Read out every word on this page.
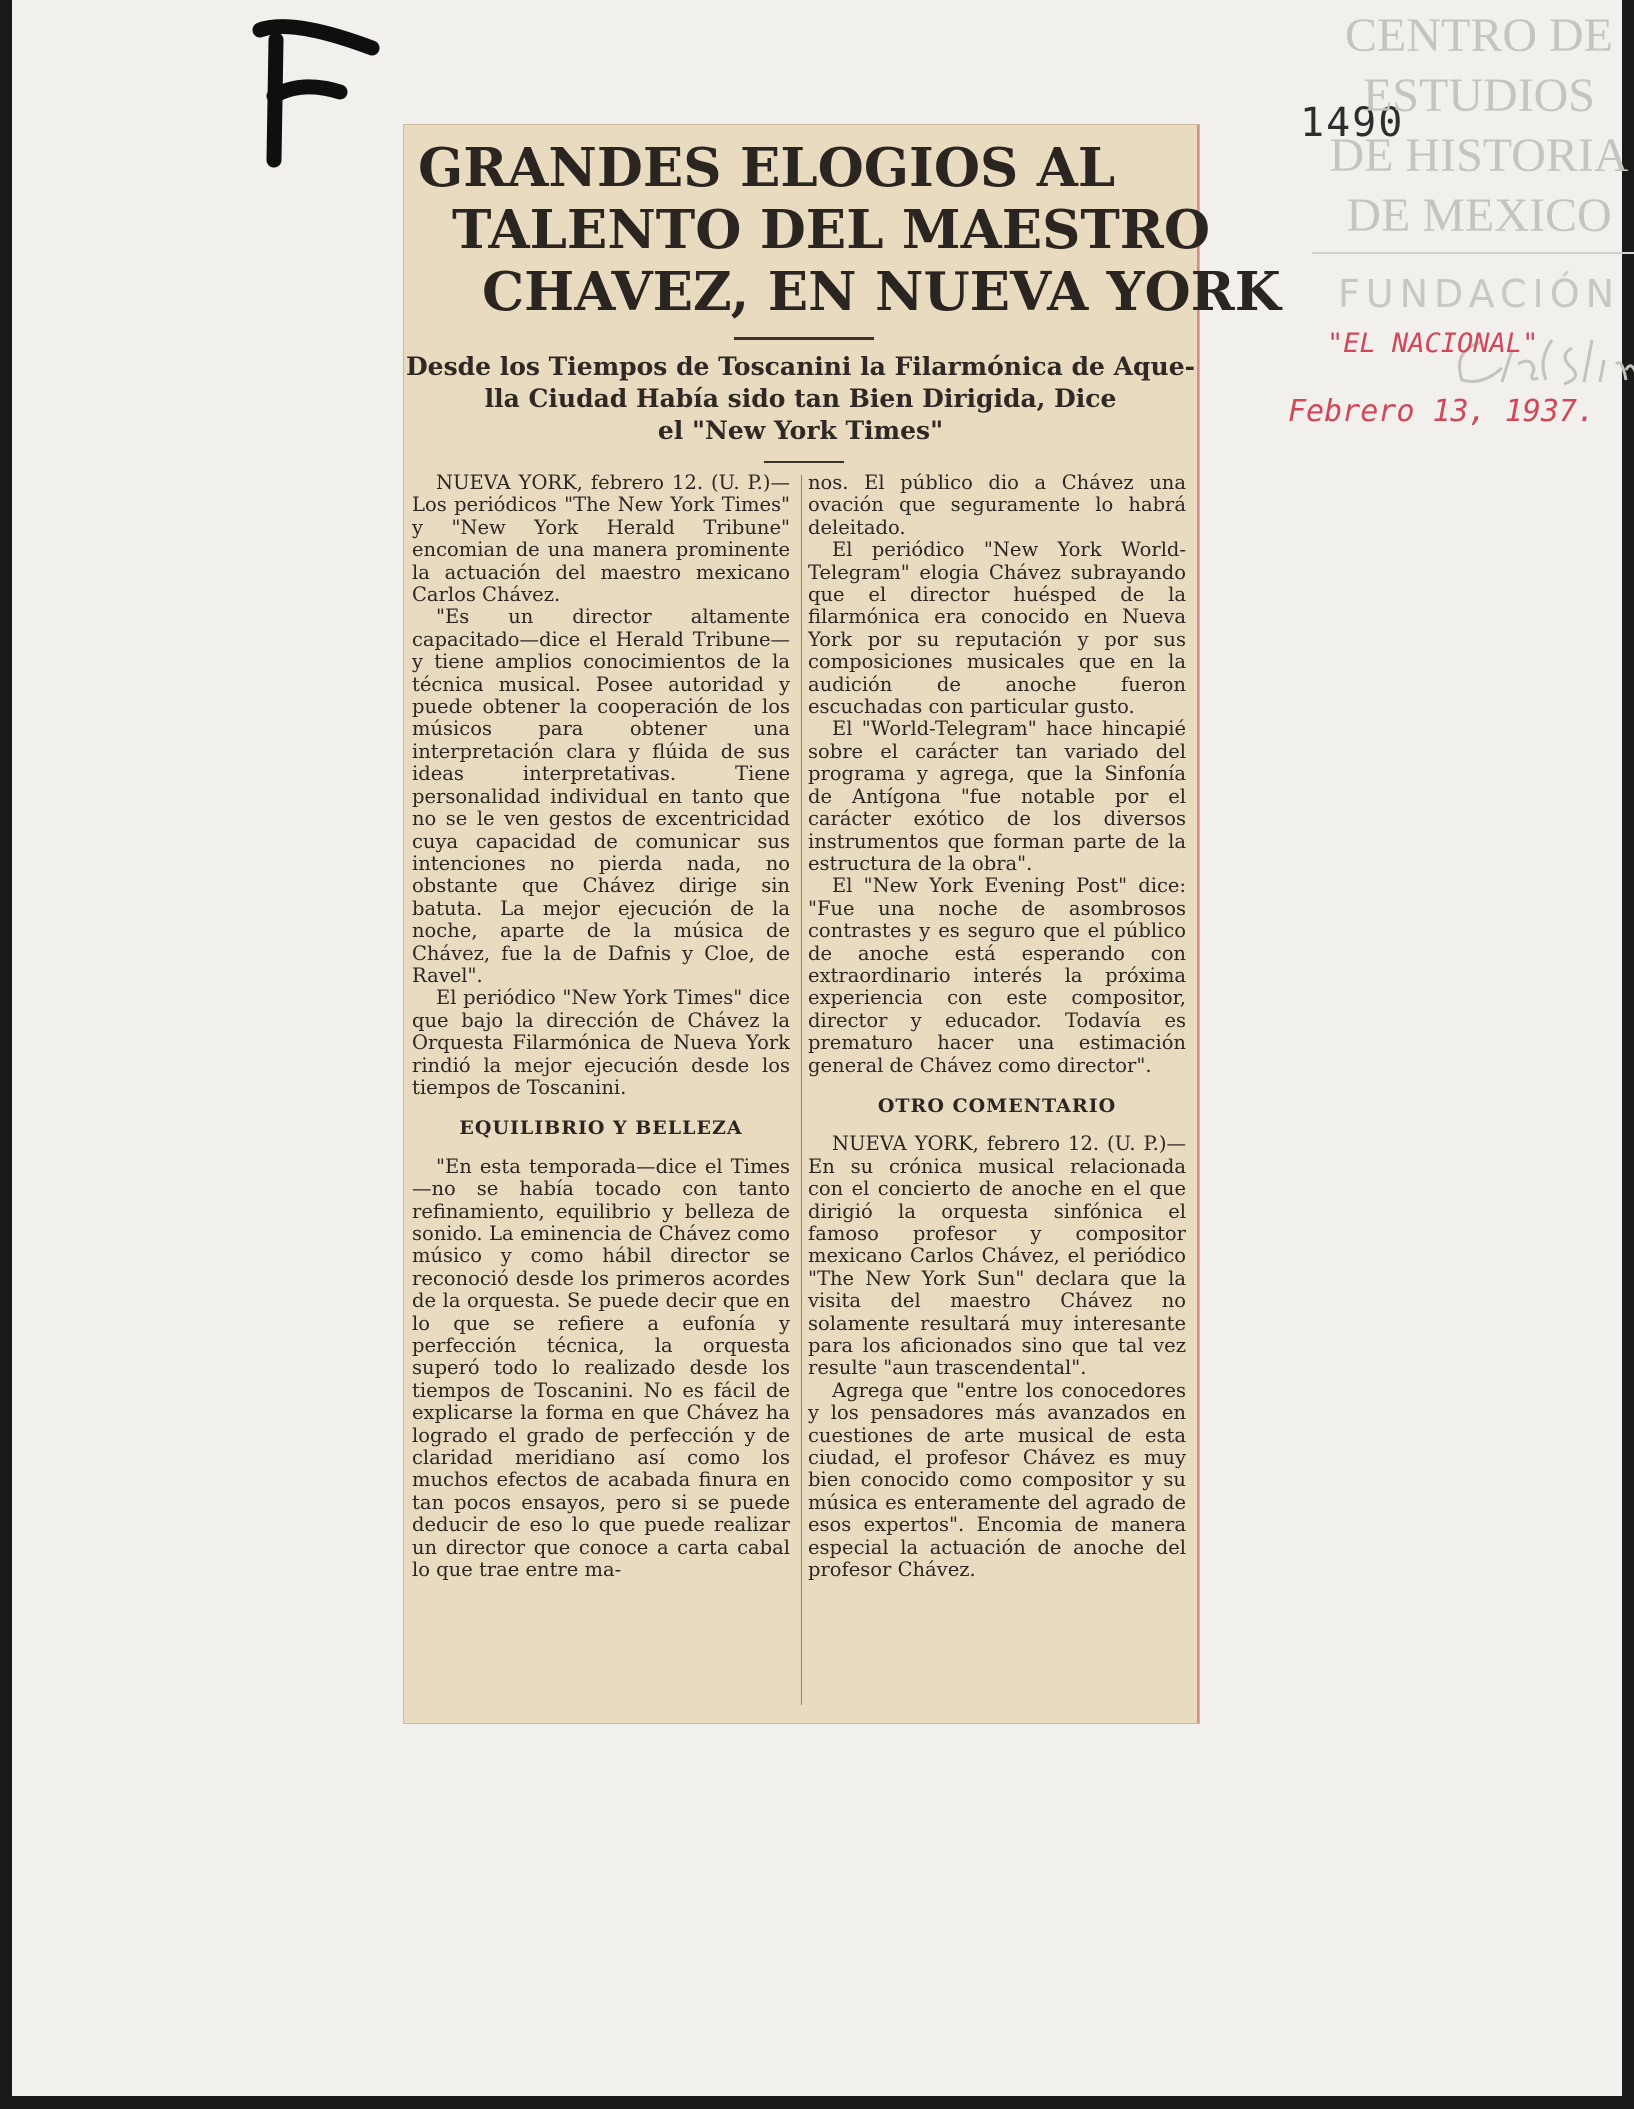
1490
CENTRO DE
ESTUDIOS
DE HISTORIA
DE MEXICO
FUNDACIÓN
"EL NACIONAL"
Febrero 13, 1937.
GRANDES ELOGIOS AL
TALENTO DEL MAESTRO
CHAVEZ, EN NUEVA YORK
Desde los Tiempos de Toscanini la Filarmónica de Aque-
lla Ciudad Había sido tan Bien Dirigida, Dice
el "New York Times"

NUEVA YORK, febrero 12. (U. P.)—Los periódicos "The New York Times" y "New York Herald Tribune" encomian de una manera prominente la actuación del maestro mexicano Carlos Chávez.

"Es un director altamente capacitado—dice el Herald Tribune—y tiene amplios conocimientos de la técnica musical. Posee autoridad y puede obtener la cooperación de los músicos para obtener una interpretación clara y flúida de sus ideas interpretativas. Tiene personalidad individual en tanto que no se le ven gestos de excentricidad cuya capacidad de comunicar sus intenciones no pierda nada, no obstante que Chávez dirige sin batuta. La mejor ejecución de la noche, aparte de la música de Chávez, fue la de Dafnis y Cloe, de Ravel".

El periódico "New York Times" dice que bajo la dirección de Chávez la Orquesta Filarmónica de Nueva York rindió la mejor ejecución desde los tiempos de Toscanini.

EQUILIBRIO Y BELLEZA

"En esta temporada—dice el Times—no se había tocado con tanto refinamiento, equilibrio y belleza de sonido. La eminencia de Chávez como músico y como hábil director se reconoció desde los primeros acordes de la orquesta. Se puede decir que en lo que se refiere a eufonía y perfección técnica, la orquesta superó todo lo realizado desde los tiempos de Toscanini. No es fácil de explicarse la forma en que Chávez ha logrado el grado de perfección y de claridad meridiano así como los muchos efectos de acabada finura en tan pocos ensayos, pero si se puede deducir de eso lo que puede realizar un director que conoce a carta cabal lo que trae entre ma-

nos. El público dio a Chávez una ovación que seguramente lo habrá deleitado.

El periódico "New York World-Telegram" elogia Chávez subrayando que el director huésped de la filarmónica era conocido en Nueva York por su reputación y por sus composiciones musicales que en la audición de anoche fueron escuchadas con particular gusto.

El "World-Telegram" hace hincapié sobre el carácter tan variado del programa y agrega, que la Sinfonía de Antígona "fue notable por el carácter exótico de los diversos instrumentos que forman parte de la estructura de la obra".

El "New York Evening Post" dice: "Fue una noche de asombrosos contrastes y es seguro que el público de anoche está esperando con extraordinario interés la próxima experiencia con este compositor, director y educador. Todavía es prematuro hacer una estimación general de Chávez como director".

OTRO COMENTARIO

NUEVA YORK, febrero 12. (U. P.)—En su crónica musical relacionada con el concierto de anoche en el que dirigió la orquesta sinfónica el famoso profesor y compositor mexicano Carlos Chávez, el periódico "The New York Sun" declara que la visita del maestro Chávez no solamente resultará muy interesante para los aficionados sino que tal vez resulte "aun trascendental".

Agrega que "entre los conocedores y los pensadores más avanzados en cuestiones de arte musical de esta ciudad, el profesor Chávez es muy bien conocido como compositor y su música es enteramente del agrado de esos expertos". Encomia de manera especial la actuación de anoche del profesor Chávez.
